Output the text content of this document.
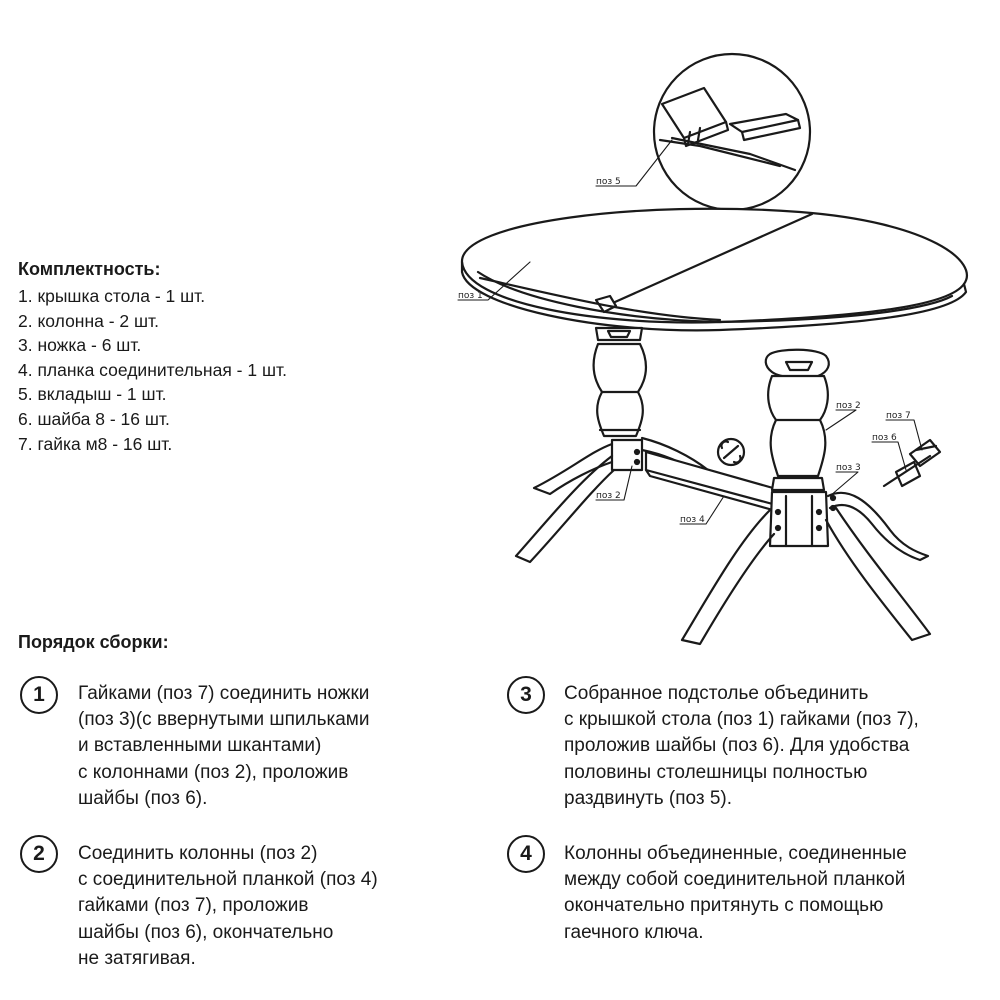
поз 5
поз 1
поз 2
поз 7
поз 6
поз 3
поз 2
поз 4
Комплектность:
1. крышка стола - 1 шт.
2. колонна - 2 шт.
3. ножка - 6 шт.
4. планка соединительная - 1 шт.
5. вкладыш - 1 шт.
6. шайба 8 - 16 шт.
7. гайка м8 - 16 шт.
Порядок сборки:
1 Гайками (поз 7) соединить ножки
(поз 3)(с ввернутыми шпильками
и вставленными шкантами)
с колоннами (поз 2), проложив
шайбы (поз 6).
2 Соединить колонны (поз 2)
с соединительной планкой (поз 4)
гайками (поз 7), проложив
шайбы (поз 6), окончательно
не затягивая.
3 Собранное подстолье объединить
с крышкой стола (поз 1) гайками (поз 7),
проложив шайбы (поз 6). Для удобства
половины столешницы полностью
раздвинуть (поз 5).
4 Колонны объединенные, соединенные
между собой соединительной планкой
окончательно притянуть с помощью
гаечного ключа.
